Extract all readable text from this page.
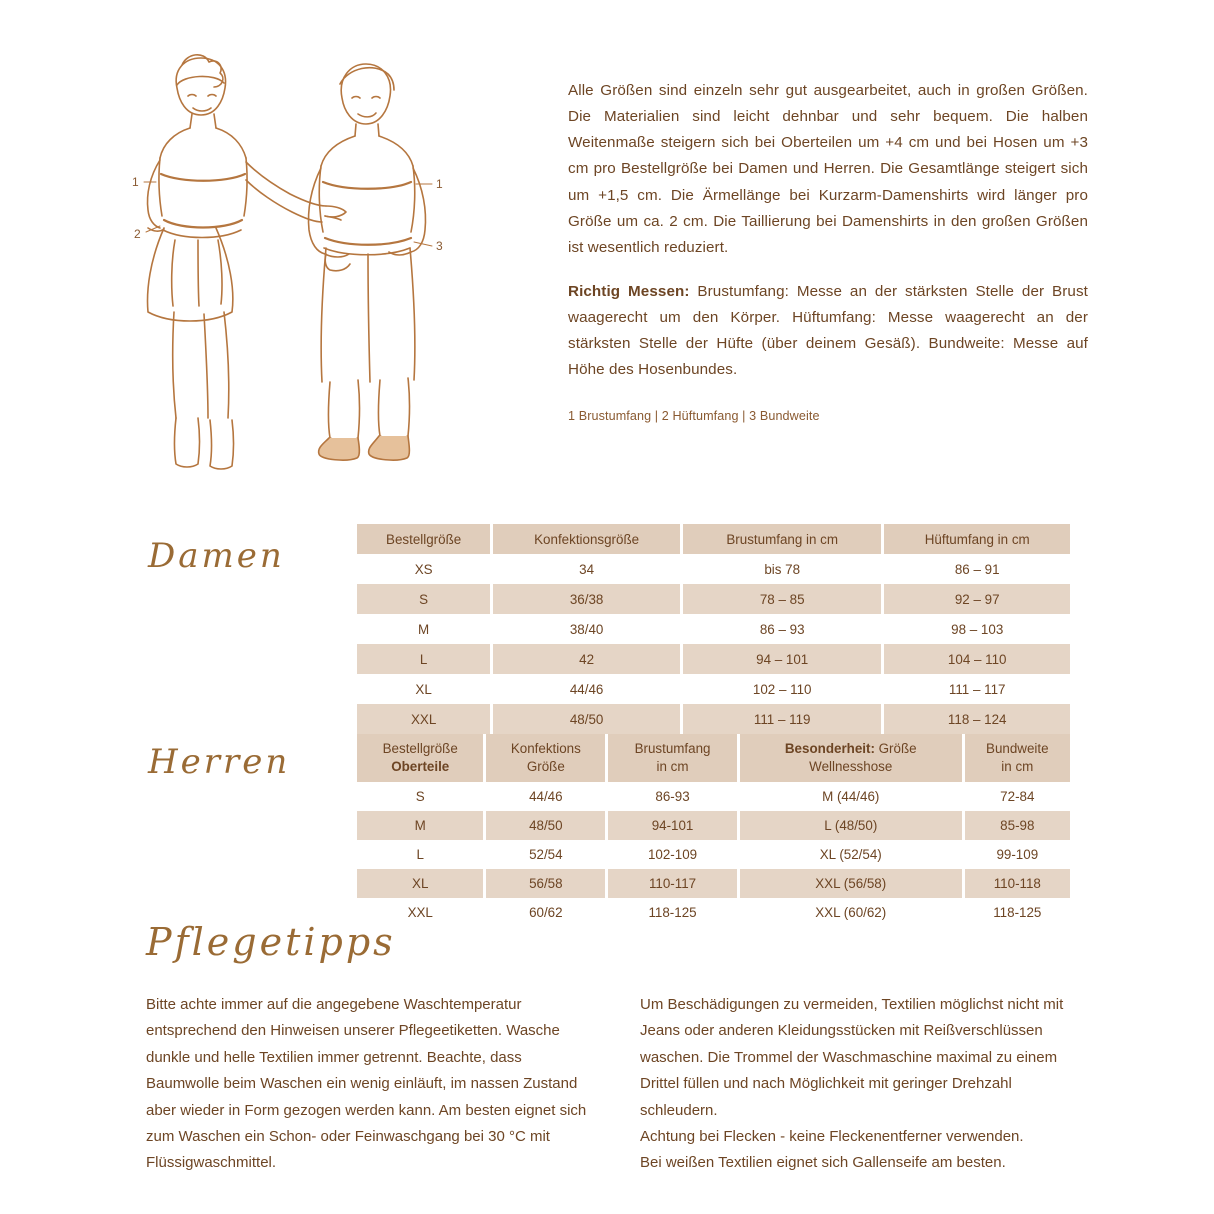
1
2
1
3

Alle Größen sind einzeln sehr gut ausgearbeitet, auch in großen Größen. Die Materialien sind leicht dehnbar und sehr bequem. Die halben Weitenmaße steigern sich bei Oberteilen um +4 cm und bei Hosen um +3 cm pro Bestellgröße bei Damen und Herren. Die Gesamtlänge steigert sich um +1,5 cm. Die Ärmellänge bei Kurzarm-Damenshirts wird länger pro Größe um ca. 2 cm. Die Taillierung bei Damenshirts in den großen Größen ist wesentlich reduziert.

Richtig Messen: Brustumfang: Messe an der stärksten Stelle der Brust waagerecht um den Körper. Hüftumfang: Messe waagerecht an der stärksten Stelle der Hüfte (über deinem Gesäß). Bundweite: Messe auf Höhe des Hosenbundes.

1 Brustumfang | 2 Hüftumfang | 3 Bundweite

Damen	Bestellgröße	Konfektionsgröße	Brustumfang in cm	Hüftumfang in cm
XS	34	bis 78	86 – 91
S	36/38	78 – 85	92 – 97
M	38/40	86 – 93	98 – 103
L	42	94 – 101	104 – 110
XL	44/46	102 – 110	111 – 117
XXL	48/50	111 – 119	118 – 124
Herren	Bestellgröße
Oberteile

Konfektions
Größe

Brustumfang
in cm

Besonderheit: Größe
Wellnesshose

Bundweite
in cm

S	44/46	86-93	M (44/46)	72-84
M	48/50	94-101	L (48/50)	85-98
L	52/54	102-109	XL (52/54)	99-109
XL	56/58	110-117	XXL (56/58)	110-118
XXL	60/62	118-125	XXL (60/62)	118-125
Pflegetipps

Bitte achte immer auf die angegebene Waschtemperatur entsprechend den Hinweisen unserer Pflegeetiketten. Wasche dunkle und helle Textilien immer getrennt. Beachte, dass Baumwolle beim Waschen ein wenig einläuft, im nassen Zustand aber wieder in Form gezogen werden kann. Am besten eignet sich zum Waschen ein Schon- oder Feinwaschgang bei 30 °C mit Flüssigwaschmittel.

Um Beschädigungen zu vermeiden, Textilien möglichst nicht mit Jeans oder anderen Kleidungsstücken mit Reißverschlüssen waschen. Die Trommel der Waschmaschine maximal zu einem Drittel füllen und nach Möglichkeit mit geringer Drehzahl schleudern.

Achtung bei Flecken - keine Fleckenentferner verwenden.

Bei weißen Textilien eignet sich Gallenseife am besten.
